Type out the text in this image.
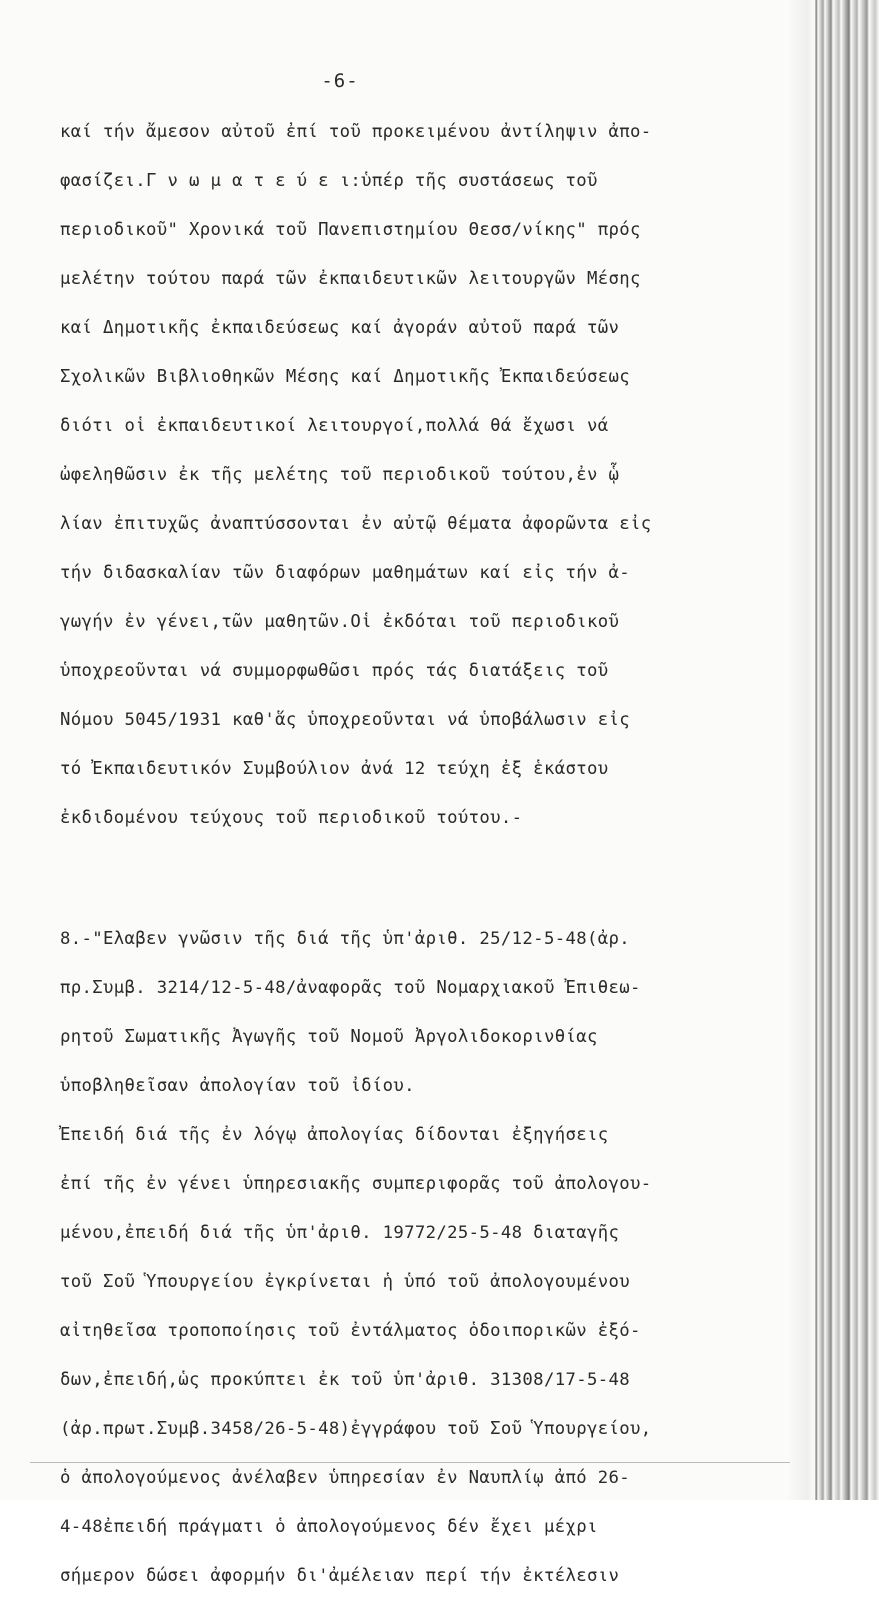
-6-
καί τήν ἄμεσον αὐτοῦ ἐπί τοῦ προκειμένου ἀντίληψιν ἀπο-
φασίζει.Γ ν ω μ α τ ε ύ ε ι:ὑπέρ τῆς συστάσεως τοῦ
περιοδικοῦ" Χρονικά τοῦ Πανεπιστημίου Θεσσ/νίκης" πρός
μελέτην τούτου παρά τῶν ἐκπαιδευτικῶν λειτουργῶν Μέσης
καί Δημοτικῆς ἐκπαιδεύσεως καί ἀγοράν αὐτοῦ παρά τῶν
Σχολικῶν Βιβλιοθηκῶν Μέσης καί Δημοτικῆς Ἐκπαιδεύσεως
διότι οἱ ἐκπαιδευτικοί λειτουργοί,πολλά θά ἔχωσι νά
ὠφεληθῶσιν ἐκ τῆς μελέτης τοῦ περιοδικοῦ τούτου,ἐν ᾧ
λίαν ἐπιτυχῶς ἀναπτύσσονται ἐν αὐτῷ θέματα ἀφορῶντα εἰς
τήν διδασκαλίαν τῶν διαφόρων μαθημάτων καί εἰς τήν ἀ-
γωγήν ἐν γένει,τῶν μαθητῶν.Οἱ ἐκδόται τοῦ περιοδικοῦ
ὑποχρεοῦνται νά συμμορφωθῶσι πρός τάς διατάξεις τοῦ
Νόμου 5045/1931 καθ'ἅς ὑποχρεοῦνται νά ὑποβάλωσιν εἰς
τό Ἐκπαιδευτικόν Συμβούλιον ἀνά 12 τεύχη ἐξ ἑκάστου
ἐκδιδομένου τεύχους τοῦ περιοδικοῦ τούτου.-
8.-"Ελαβεν γνῶσιν τῆς διά τῆς ὑπ'ἀριθ. 25/12-5-48(ἀρ.
πρ.Συμβ. 3214/12-5-48/ἀναφορᾶς τοῦ Νομαρχιακοῦ Ἐπιθεω-
ρητοῦ Σωματικῆς Ἀγωγῆς τοῦ Νομοῦ Ἀργολιδοκορινθίας
ὑποβληθεῖσαν ἀπολογίαν τοῦ ἰδίου.
Ἐπειδή διά τῆς ἐν λόγῳ ἀπολογίας δίδονται ἐξηγήσεις
ἐπί τῆς ἐν γένει ὑπηρεσιακῆς συμπεριφορᾶς τοῦ ἀπολογου-
μένου,ἐπειδή διά τῆς ὑπ'ἀριθ. 19772/25-5-48 διαταγῆς
τοῦ Σοῦ Ὑπουργείου ἐγκρίνεται ἡ ὑπό τοῦ ἀπολογουμένου
αἰτηθεῖσα τροποποίησις τοῦ ἐντάλματος ὁδοιπορικῶν ἐξό-
δων,ἐπειδή,ὡς προκύπτει ἐκ τοῦ ὑπ'ἀριθ. 31308/17-5-48
(ἀρ.πρωτ.Συμβ.3458/26-5-48)ἐγγράφου τοῦ Σοῦ Ὑπουργείου,
ὁ ἀπολογούμενος ἀνέλαβεν ὑπηρεσίαν ἐν Ναυπλίῳ ἀπό 26-
4-48ἐπειδή πράγματι ὁ ἀπολογούμενος δέν ἔχει μέχρι
σήμερον δώσει ἀφορμήν δι'ἀμέλειαν περί τήν ἐκτέλεσιν
